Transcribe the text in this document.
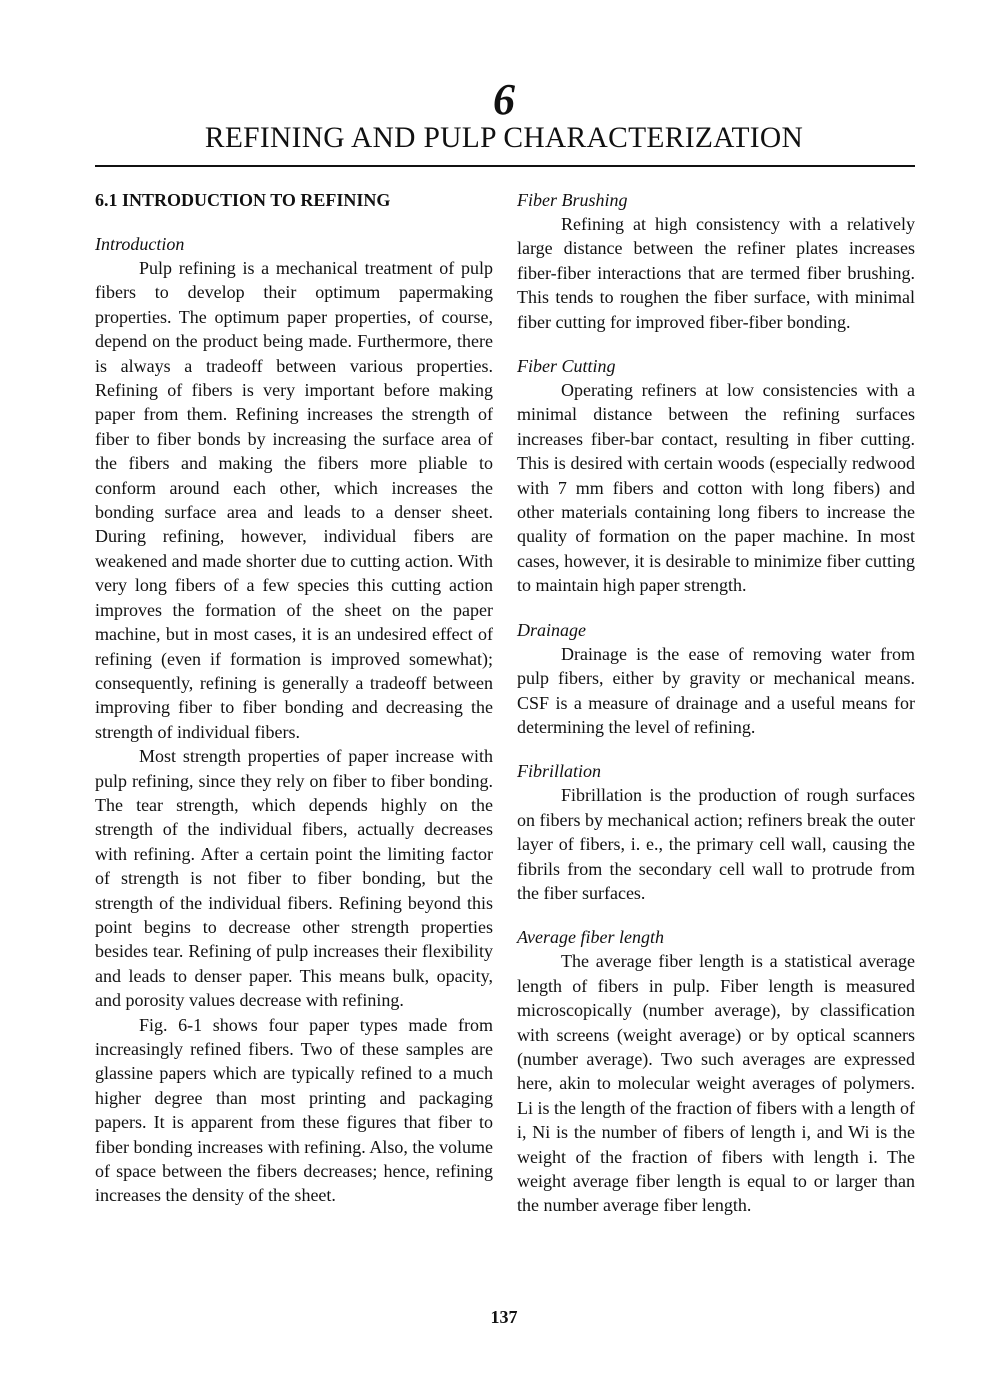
6
REFINING AND PULP CHARACTERIZATION
6.1 INTRODUCTION TO REFINING
Introduction

Pulp refining is a mechanical treatment of pulp fibers to develop their optimum papermaking properties. The optimum paper properties, of course, depend on the product being made. Furthermore, there is always a tradeoff between various properties. Refining of fibers is very important before making paper from them. Refining increases the strength of fiber to fiber bonds by increasing the surface area of the fibers and making the fibers more pliable to conform around each other, which increases the bonding surface area and leads to a denser sheet. During refining, however, individual fibers are weakened and made shorter due to cutting action. With very long fibers of a few species this cutting action improves the formation of the sheet on the paper machine, but in most cases, it is an undesired effect of refining (even if formation is improved somewhat); consequently, refining is generally a tradeoff between improving fiber to fiber bonding and decreasing the strength of individual fibers.

Most strength properties of paper increase with pulp refining, since they rely on fiber to fiber bonding. The tear strength, which depends highly on the strength of the individual fibers, actually decreases with refining. After a certain point the limiting factor of strength is not fiber to fiber bonding, but the strength of the individual fibers. Refining beyond this point begins to decrease other strength properties besides tear. Refining of pulp increases their flexibility and leads to denser paper. This means bulk, opacity, and porosity values decrease with refining.

Fig. 6-1 shows four paper types made from increasingly refined fibers. Two of these samples are glassine papers which are typically refined to a much higher degree than most printing and packaging papers. It is apparent from these figures that fiber to fiber bonding increases with refining. Also, the volume of space between the fibers decreases; hence, refining increases the density of the sheet.

Fiber Brushing

Refining at high consistency with a relatively large distance between the refiner plates increases fiber-fiber interactions that are termed fiber brushing. This tends to roughen the fiber surface, with minimal fiber cutting for improved fiber-fiber bonding.

Fiber Cutting

Operating refiners at low consistencies with a minimal distance between the refining surfaces increases fiber-bar contact, resulting in fiber cutting. This is desired with certain woods (especially redwood with 7 mm fibers and cotton with long fibers) and other materials containing long fibers to increase the quality of formation on the paper machine. In most cases, however, it is desirable to minimize fiber cutting to maintain high paper strength.

Drainage

Drainage is the ease of removing water from pulp fibers, either by gravity or mechanical means. CSF is a measure of drainage and a useful means for determining the level of refining.

Fibrillation

Fibrillation is the production of rough surfaces on fibers by mechanical action; refiners break the outer layer of fibers, i. e., the primary cell wall, causing the fibrils from the secondary cell wall to protrude from the fiber surfaces.

Average fiber length

The average fiber length is a statistical average length of fibers in pulp. Fiber length is measured microscopically (number average), by classification with screens (weight average) or by optical scanners (number average). Two such averages are expressed here, akin to molecular weight averages of polymers. Li is the length of the fraction of fibers with a length of i, Ni is the number of fibers of length i, and Wi is the weight of the fraction of fibers with length i. The weight average fiber length is equal to or larger than the number average fiber length.

137
